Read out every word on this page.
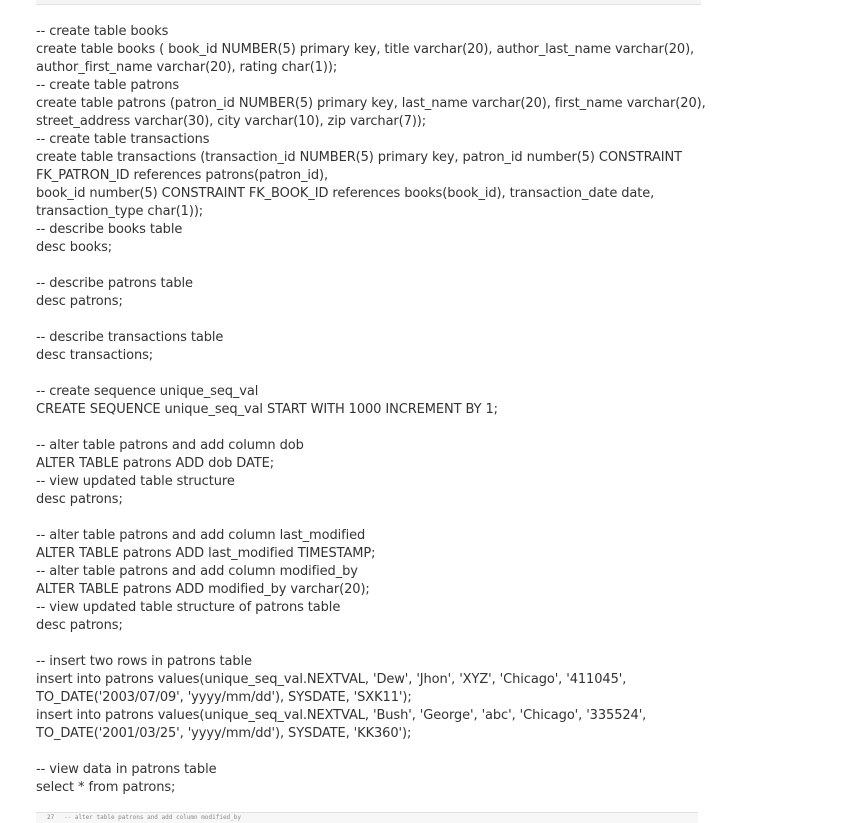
-- create table books
create table books ( book_id NUMBER(5) primary key, title varchar(20), author_last_name varchar(20),
author_first_name varchar(20), rating char(1));
-- create table patrons
create table patrons (patron_id NUMBER(5) primary key, last_name varchar(20), first_name varchar(20),
street_address varchar(30), city varchar(10), zip varchar(7));
-- create table transactions
create table transactions (transaction_id NUMBER(5) primary key, patron_id number(5) CONSTRAINT
FK_PATRON_ID references patrons(patron_id),
book_id number(5) CONSTRAINT FK_BOOK_ID references books(book_id), transaction_date date,
transaction_type char(1));
-- describe books table
desc books;
-- describe patrons table
desc patrons;
-- describe transactions table
desc transactions;
-- create sequence unique_seq_val
CREATE SEQUENCE unique_seq_val START WITH 1000 INCREMENT BY 1;
-- alter table patrons and add column dob
ALTER TABLE patrons ADD dob DATE;
-- view updated table structure
desc patrons;
-- alter table patrons and add column last_modified
ALTER TABLE patrons ADD last_modified TIMESTAMP;
-- alter table patrons and add column modified_by
ALTER TABLE patrons ADD modified_by varchar(20);
-- view updated table structure of patrons table
desc patrons;
-- insert two rows in patrons table
insert into patrons values(unique_seq_val.NEXTVAL, 'Dew', 'Jhon', 'XYZ', 'Chicago', '411045',
TO_DATE('2003/07/09', 'yyyy/mm/dd'), SYSDATE, 'SXK11');
insert into patrons values(unique_seq_val.NEXTVAL, 'Bush', 'George', 'abc', 'Chicago', '335524',
TO_DATE('2001/03/25', 'yyyy/mm/dd'), SYSDATE, 'KK360');
-- view data in patrons table
select * from patrons;
27 -- alter table patrons and add column modified_by
